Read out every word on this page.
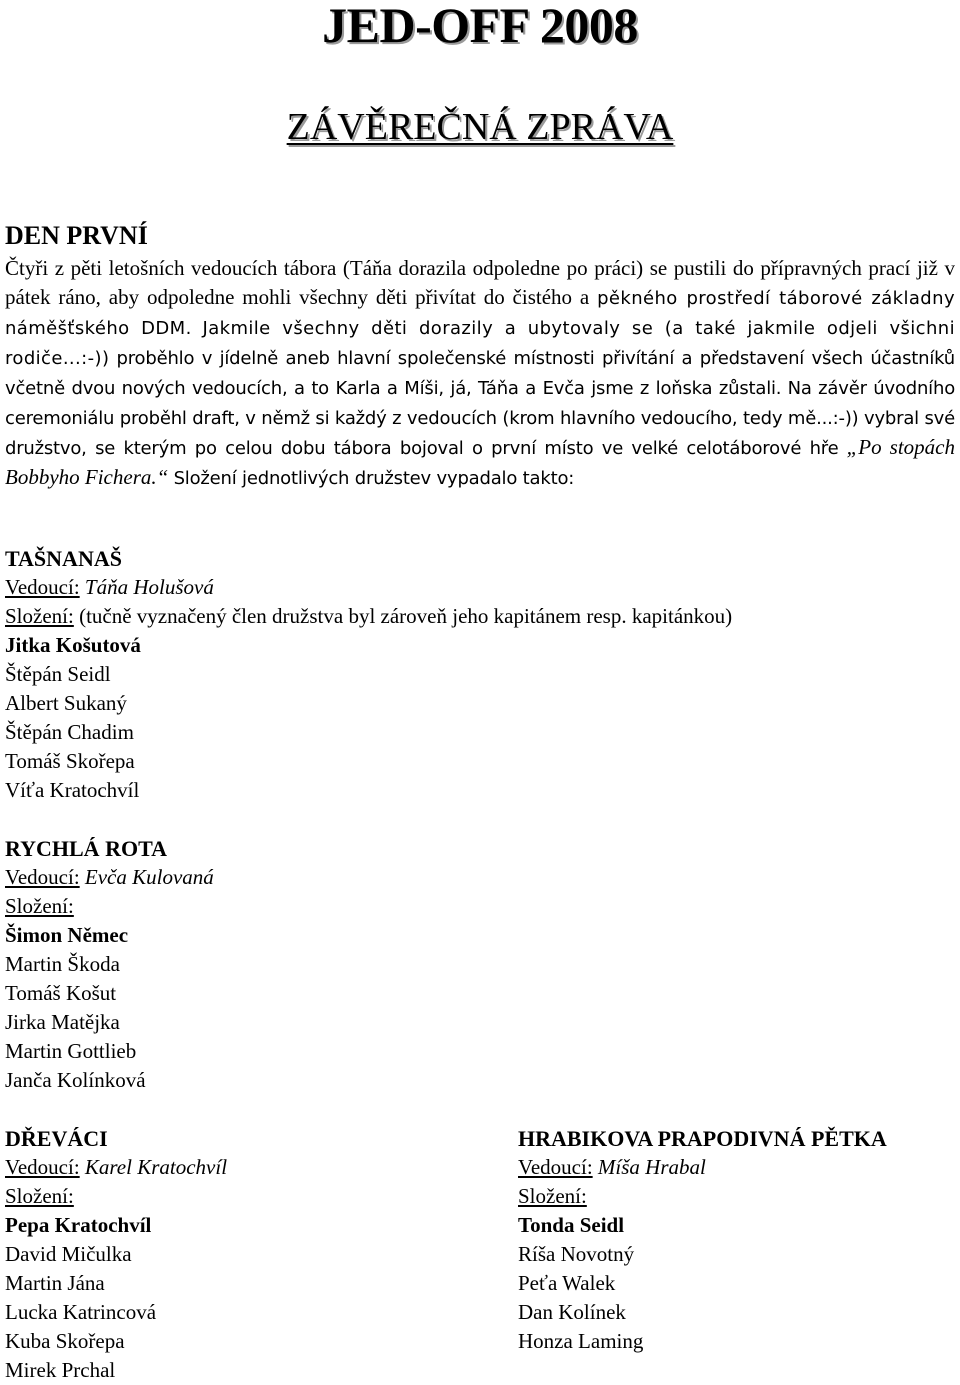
JED-OFF 2008
ZÁVĚREČNÁ ZPRÁVA
DEN PRVNÍ

Čtyři z pěti letošních vedoucích tábora (Táňa dorazila odpoledne po práci) se pustili do přípravných prací již v pátek ráno, aby odpoledne mohli všechny děti přivítat do čistého a pěkného prostředí táborové základny náměšťského DDM. Jakmile všechny děti dorazily a ubytovaly se (a také jakmile odjeli všichni rodiče...:-)) proběhlo v jídelně aneb hlavní společenské místnosti přivítání a představení všech účastníků včetně dvou nových vedoucích, a to Karla a Míši, já, Táňa a Evča jsme z loňska zůstali. Na závěr úvodního ceremoniálu proběhl draft, v němž si každý z vedoucích (krom hlavního vedoucího, tedy mě...:-)) vybral své družstvo, se kterým po celou dobu tábora bojoval o první místo ve velké celotáborové hře „Po stopách Bobbyho Fichera.“ Složení jednotlivých družstev vypadalo takto:

TAŠNANAŠ
Vedoucí: Táňa Holušová
Složení: (tučně vyznačený člen družstva byl zároveň jeho kapitánem resp. kapitánkou)
Jitka Košutová
Štěpán Seidl
Albert Sukaný
Štěpán Chadim
Tomáš Skořepa
Víťa Kratochvíl
RYCHLÁ ROTA
Vedoucí: Evča Kulovaná
Složení:
Šimon Němec
Martin Škoda
Tomáš Košut
Jirka Matějka
Martin Gottlieb
Janča Kolínková
DŘEVÁCI
Vedoucí: Karel Kratochvíl
Složení:
Pepa Kratochvíl
David Mičulka
Martin Jána
Lucka Katrincová
Kuba Skořepa
Mirek Prchal
HRABIKOVA PRAPODIVNÁ PĚTKA
Vedoucí: Míša Hrabal
Složení:
Tonda Seidl
Ríša Novotný
Peťa Walek
Dan Kolínek
Honza Laming
